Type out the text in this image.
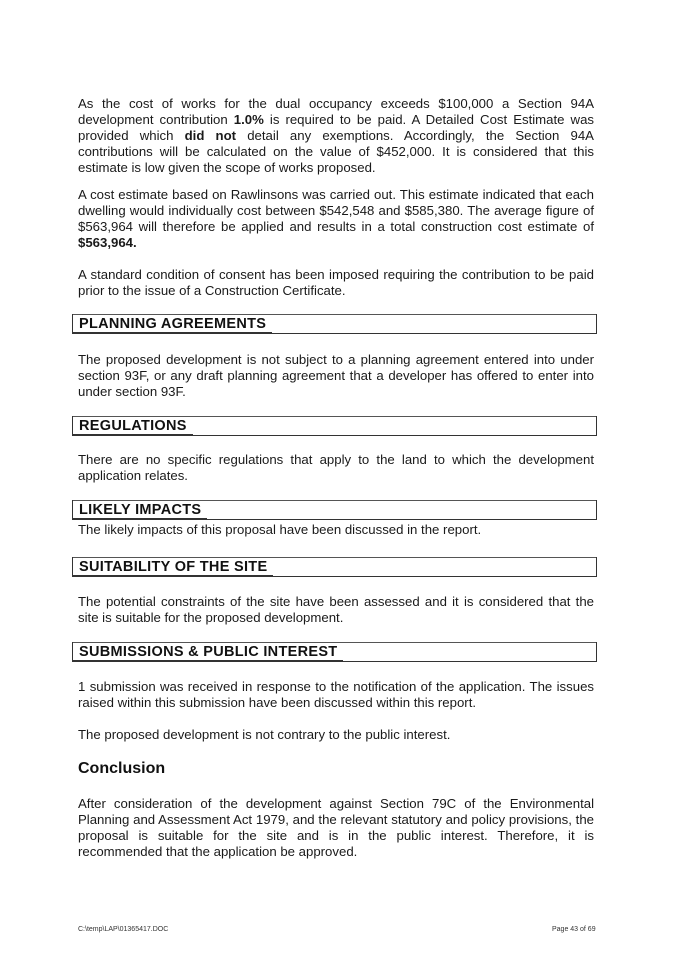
As the cost of works for the dual occupancy exceeds $100,000 a Section 94A development contribution 1.0% is required to be paid. A Detailed Cost Estimate was provided which did not detail any exemptions. Accordingly, the Section 94A contributions will be calculated on the value of $452,000. It is considered that this estimate is low given the scope of works proposed.

A cost estimate based on Rawlinsons was carried out. This estimate indicated that each dwelling would individually cost between $542,548 and $585,380. The average figure of $563,964 will therefore be applied and results in a total construction cost estimate of $563,964.

A standard condition of consent has been imposed requiring the contribution to be paid prior to the issue of a Construction Certificate.

PLANNING AGREEMENTS

The proposed development is not subject to a planning agreement entered into under section 93F, or any draft planning agreement that a developer has offered to enter into under section 93F.

REGULATIONS

There are no specific regulations that apply to the land to which the development application relates.

LIKELY IMPACTS

The likely impacts of this proposal have been discussed in the report.

SUITABILITY OF THE SITE

The potential constraints of the site have been assessed and it is considered that the site is suitable for the proposed development.

SUBMISSIONS & PUBLIC INTEREST

1 submission was received in response to the notification of the application. The issues raised within this submission have been discussed within this report.

The proposed development is not contrary to the public interest.

Conclusion

After consideration of the development against Section 79C of the Environmental Planning and Assessment Act 1979, and the relevant statutory and policy provisions, the proposal is suitable for the site and is in the public interest. Therefore, it is recommended that the application be approved.

C:\temp\LAP\01365417.DOC	Page 43 of 69
